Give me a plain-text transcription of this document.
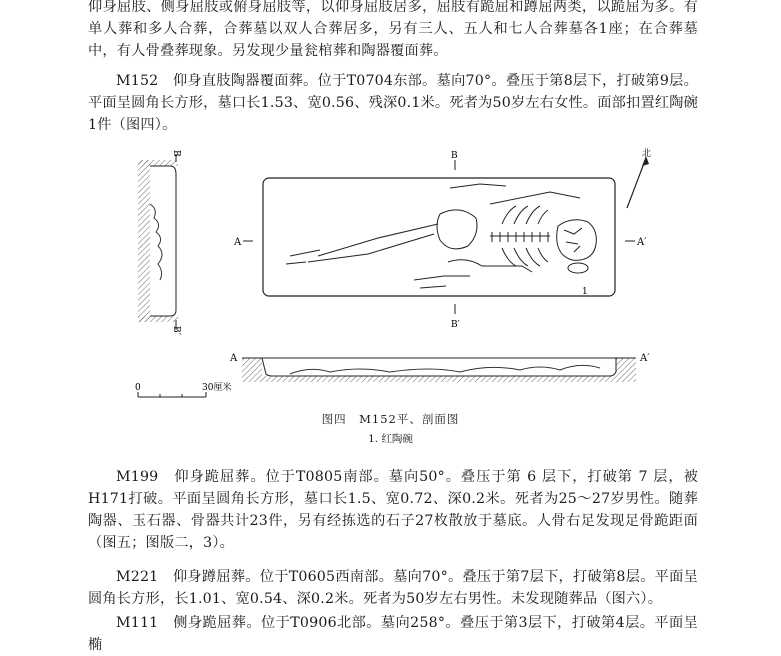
仰身屈肢、侧身屈肢或俯身屈肢等，以仰身屈肢居多，屈肢有跪屈和蹲屈两类，以跪屈为多。有单人葬和多人合葬，合葬墓以双人合葬居多，另有三人、五人和七人合葬墓各1座；在合葬墓中，有人骨叠葬现象。另发现少量瓮棺葬和陶器覆面葬。

M152　仰身直肢陶器覆面葬。位于T0704东部。墓向70°。叠压于第8层下，打破第9层。平面呈圆角长方形，墓口长1.53、宽0.56、残深0.1米。死者为50岁左右女性。面部扣置红陶碗1件（图四）。

B
B′
A	A′
B
B′
北
1
A	A′
0	30厘米
图四　M152平、剖面图
1. 红陶碗

M199　仰身跪屈葬。位于T0805南部。墓向50°。叠压于第 6 层下，打破第 7 层，被H171打破。平面呈圆角长方形，墓口长1.5、宽0.72、深0.2米。死者为25～27岁男性。随葬陶器、玉石器、骨器共计23件，另有经拣选的石子27枚散放于墓底。人骨右足发现足骨跪距面（图五；图版二，3）。

M221　仰身蹲屈葬。位于T0605西南部。墓向70°。叠压于第7层下，打破第8层。平面呈圆角长方形，长1.01、宽0.54、深0.2米。死者为50岁左右男性。未发现随葬品（图六）。

M111　侧身跪屈葬。位于T0906北部。墓向258°。叠压于第3层下，打破第4层。平面呈椭
